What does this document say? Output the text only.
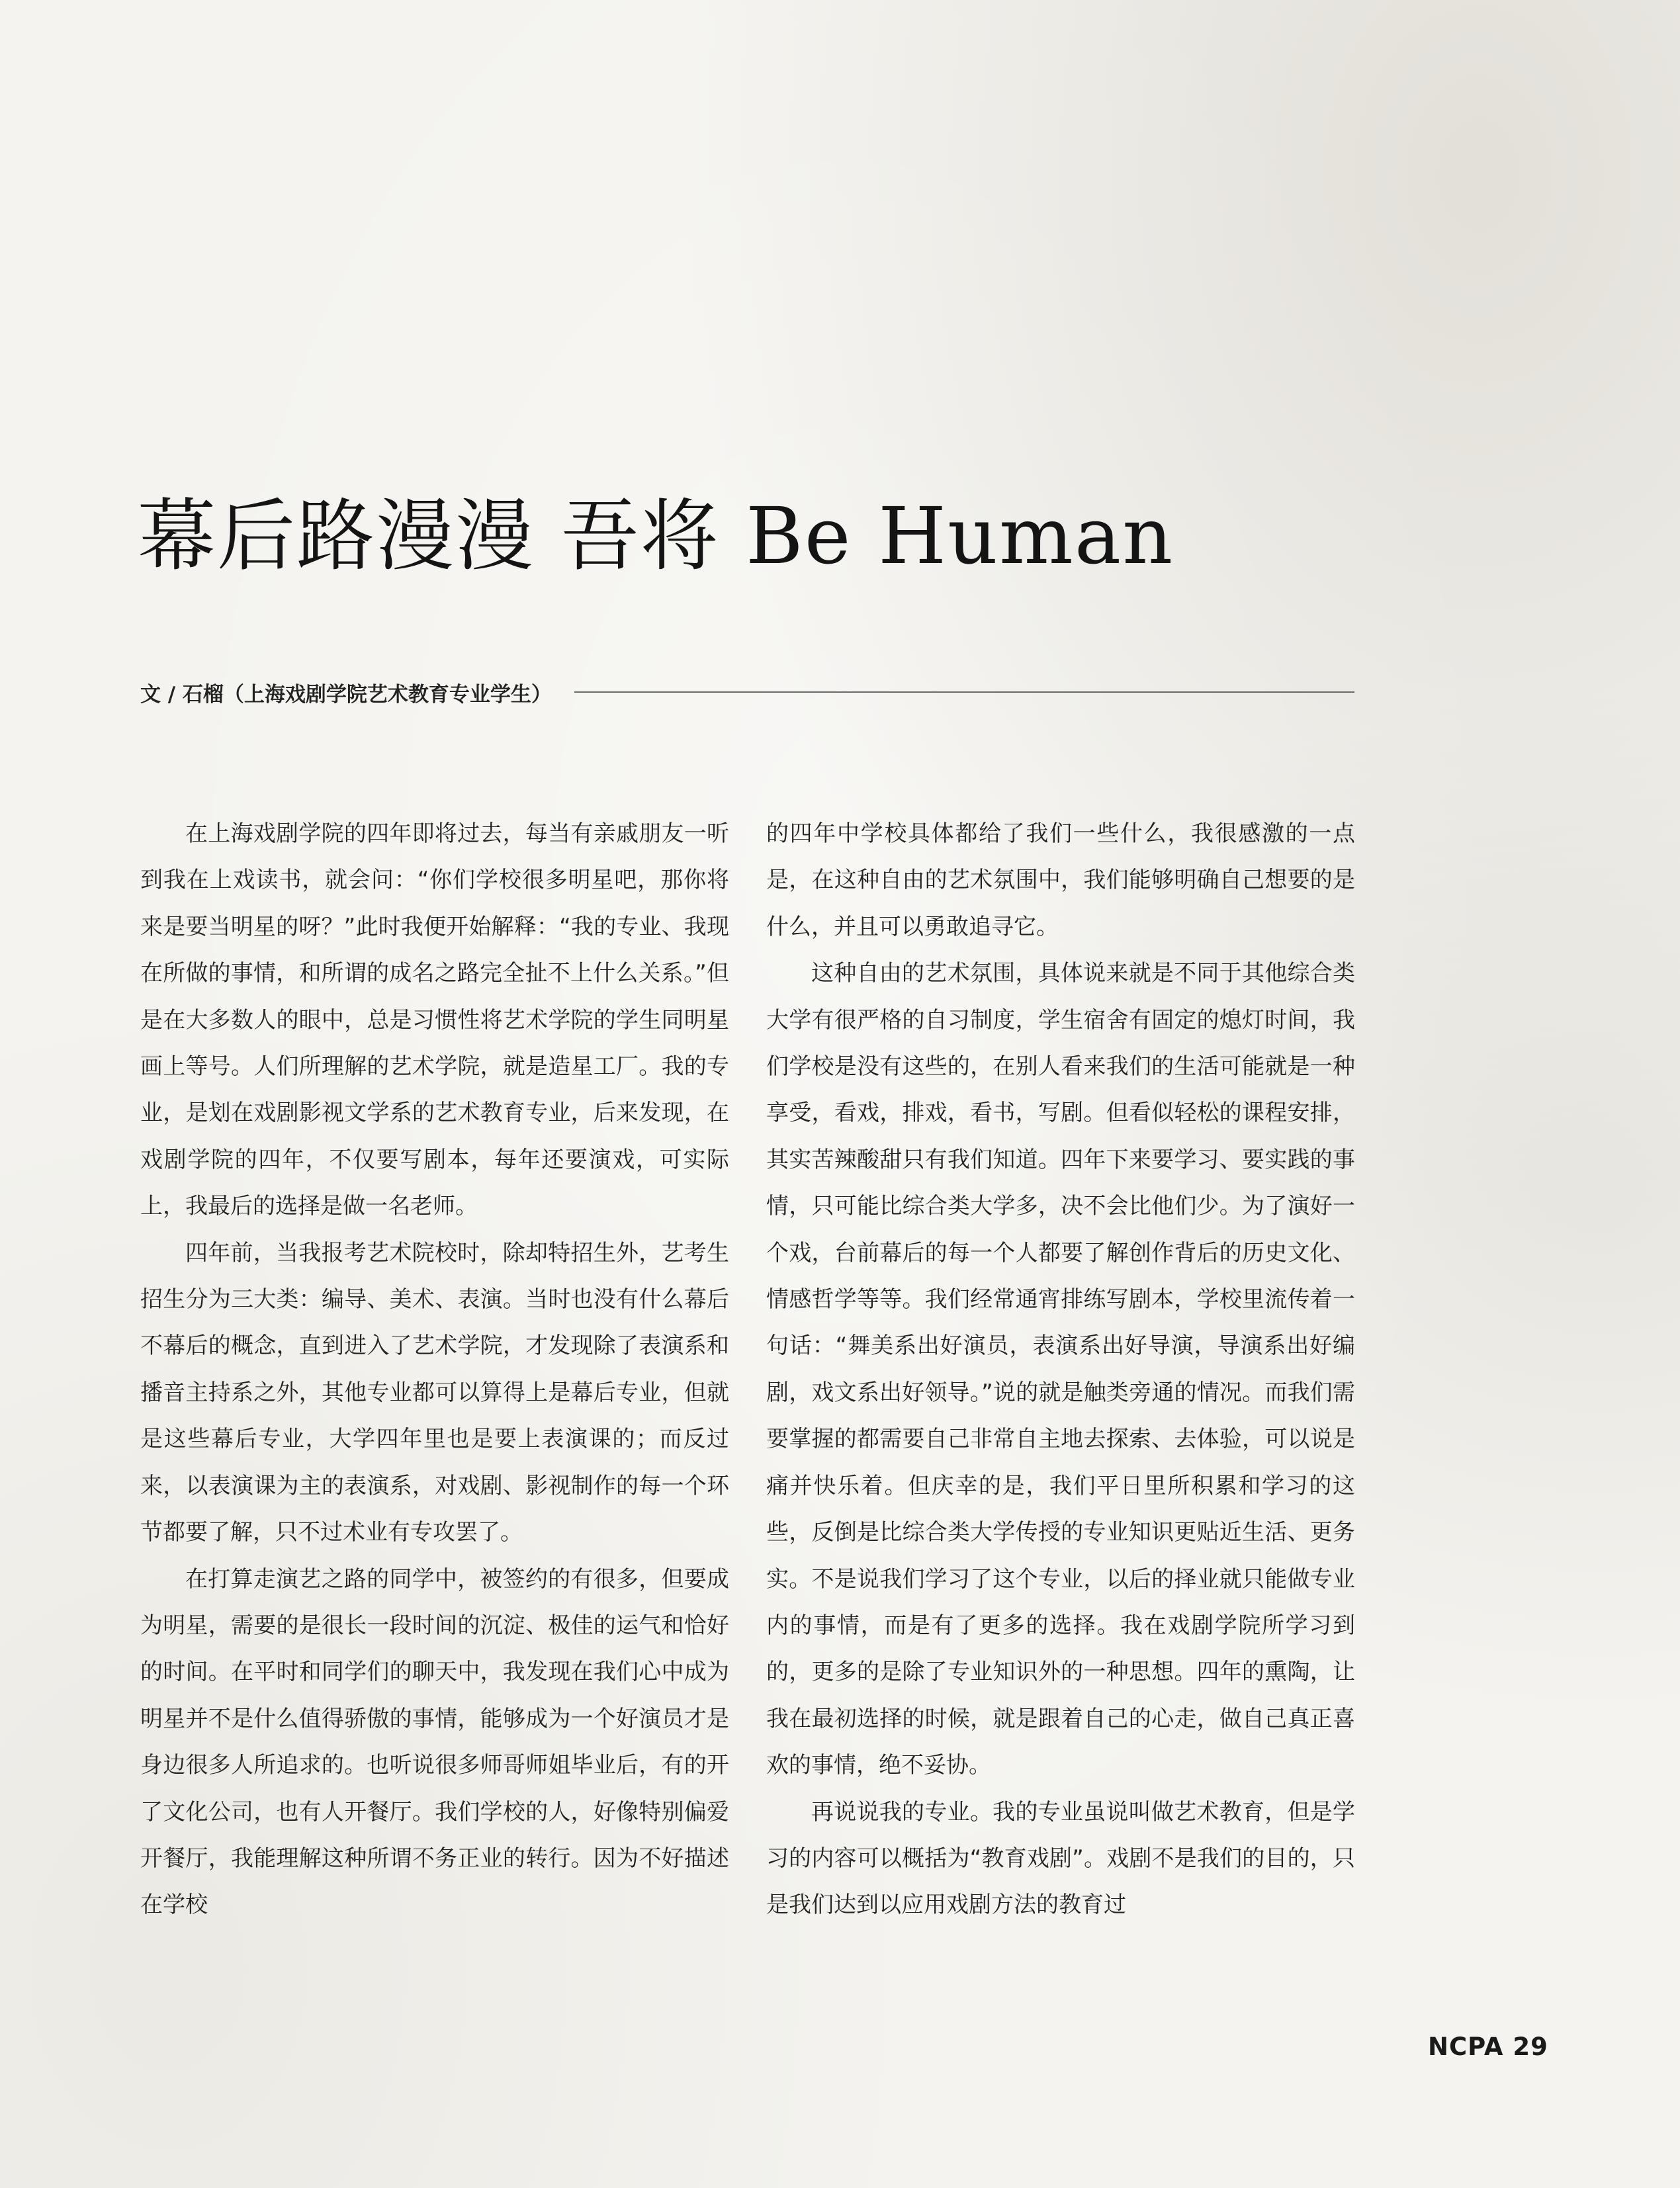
幕后路漫漫 吾将 Be Human
文 / 石榴（上海戏剧学院艺术教育专业学生）

在上海戏剧学院的四年即将过去，每当有亲戚朋友一听到我在上戏读书，就会问：“你们学校很多明星吧，那你将来是要当明星的呀？”此时我便开始解释：“我的专业、我现在所做的事情，和所谓的成名之路完全扯不上什么关系。”但是在大多数人的眼中，总是习惯性将艺术学院的学生同明星画上等号。人们所理解的艺术学院，就是造星工厂。我的专业，是划在戏剧影视文学系的艺术教育专业，后来发现，在戏剧学院的四年，不仅要写剧本，每年还要演戏，可实际上，我最后的选择是做一名老师。

四年前，当我报考艺术院校时，除却特招生外，艺考生招生分为三大类：编导、美术、表演。当时也没有什么幕后不幕后的概念，直到进入了艺术学院，才发现除了表演系和播音主持系之外，其他专业都可以算得上是幕后专业，但就是这些幕后专业，大学四年里也是要上表演课的；而反过来，以表演课为主的表演系，对戏剧、影视制作的每一个环节都要了解，只不过术业有专攻罢了。

在打算走演艺之路的同学中，被签约的有很多，但要成为明星，需要的是很长一段时间的沉淀、极佳的运气和恰好的时间。在平时和同学们的聊天中，我发现在我们心中成为明星并不是什么值得骄傲的事情，能够成为一个好演员才是身边很多人所追求的。也听说很多师哥师姐毕业后，有的开了文化公司，也有人开餐厅。我们学校的人，好像特别偏爱开餐厅，我能理解这种所谓不务正业的转行。因为不好描述在学校

的四年中学校具体都给了我们一些什么，我很感激的一点是，在这种自由的艺术氛围中，我们能够明确自己想要的是什么，并且可以勇敢追寻它。

这种自由的艺术氛围，具体说来就是不同于其他综合类大学有很严格的自习制度，学生宿舍有固定的熄灯时间，我们学校是没有这些的，在别人看来我们的生活可能就是一种享受，看戏，排戏，看书，写剧。但看似轻松的课程安排，其实苦辣酸甜只有我们知道。四年下来要学习、要实践的事情，只可能比综合类大学多，决不会比他们少。为了演好一个戏，台前幕后的每一个人都要了解创作背后的历史文化、情感哲学等等。我们经常通宵排练写剧本，学校里流传着一句话：“舞美系出好演员，表演系出好导演，导演系出好编剧，戏文系出好领导。”说的就是触类旁通的情况。而我们需要掌握的都需要自己非常自主地去探索、去体验，可以说是痛并快乐着。但庆幸的是，我们平日里所积累和学习的这些，反倒是比综合类大学传授的专业知识更贴近生活、更务实。不是说我们学习了这个专业，以后的择业就只能做专业内的事情，而是有了更多的选择。我在戏剧学院所学习到的，更多的是除了专业知识外的一种思想。四年的熏陶，让我在最初选择的时候，就是跟着自己的心走，做自己真正喜欢的事情，绝不妥协。

再说说我的专业。我的专业虽说叫做艺术教育，但是学习的内容可以概括为“教育戏剧”。戏剧不是我们的目的，只是我们达到以应用戏剧方法的教育过

NCPA 29
